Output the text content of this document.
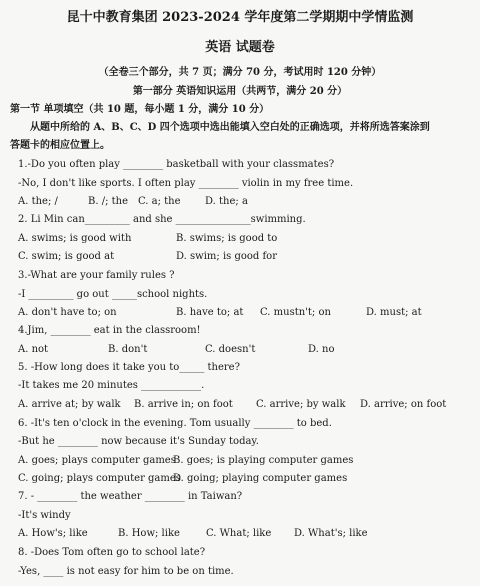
昆十中教育集团 2023-2024 学年度第二学期期中学情监测
英语 试题卷
（全卷三个部分，共 7 页；满分 70 分，考试用时 120 分钟）
第一部分 英语知识运用（共两节，满分 20 分）
第一节 单项填空（共 10 题，每小题 1 分，满分 10 分）
从题中所给的 A、B、C、D 四个选项中选出能填入空白处的正确选项，并将所选答案涂到
答题卡的相应位置上。
1.-Do you often play ________ basketball with your classmates?
-No, I don't like sports. I often play ________ violin in my free time.
A. the; /	B. /; the C. a; the D. the; a
2. Li Min can_________ and she _______________swimming.
A. swims; is good with	B. swims; is good to
C. swim; is good at	D. swim; is good for
3.-What are your family rules ?
-I _________ go out _____school nights.
A. don't have to; on	B. have to; at C. mustn't; on	D. must; at
4.Jim, ________ eat in the classroom!
A. not	B. don't	C. doesn't	D. no
5. -How long does it take you to_____ there?
-It takes me 20 minutes ____________.
A. arrive at; by walk B. arrive in; on foot C. arrive; by walk D. arrive; on foot
6. -It's ten o'clock in the evening. Tom usually ________ to bed.
-But he ________ now because it's Sunday today.
A. goes; plays computer games
B. goes; is playing computer games
C. going; plays computer games
D. going; playing computer games
7. - ________ the weather ________ in Taiwan?
-It's windy
A. How's; like	B. How; like	C. What; like D. What's; like
8. -Does Tom often go to school late?
-Yes, ____ is not easy for him to be on time.
